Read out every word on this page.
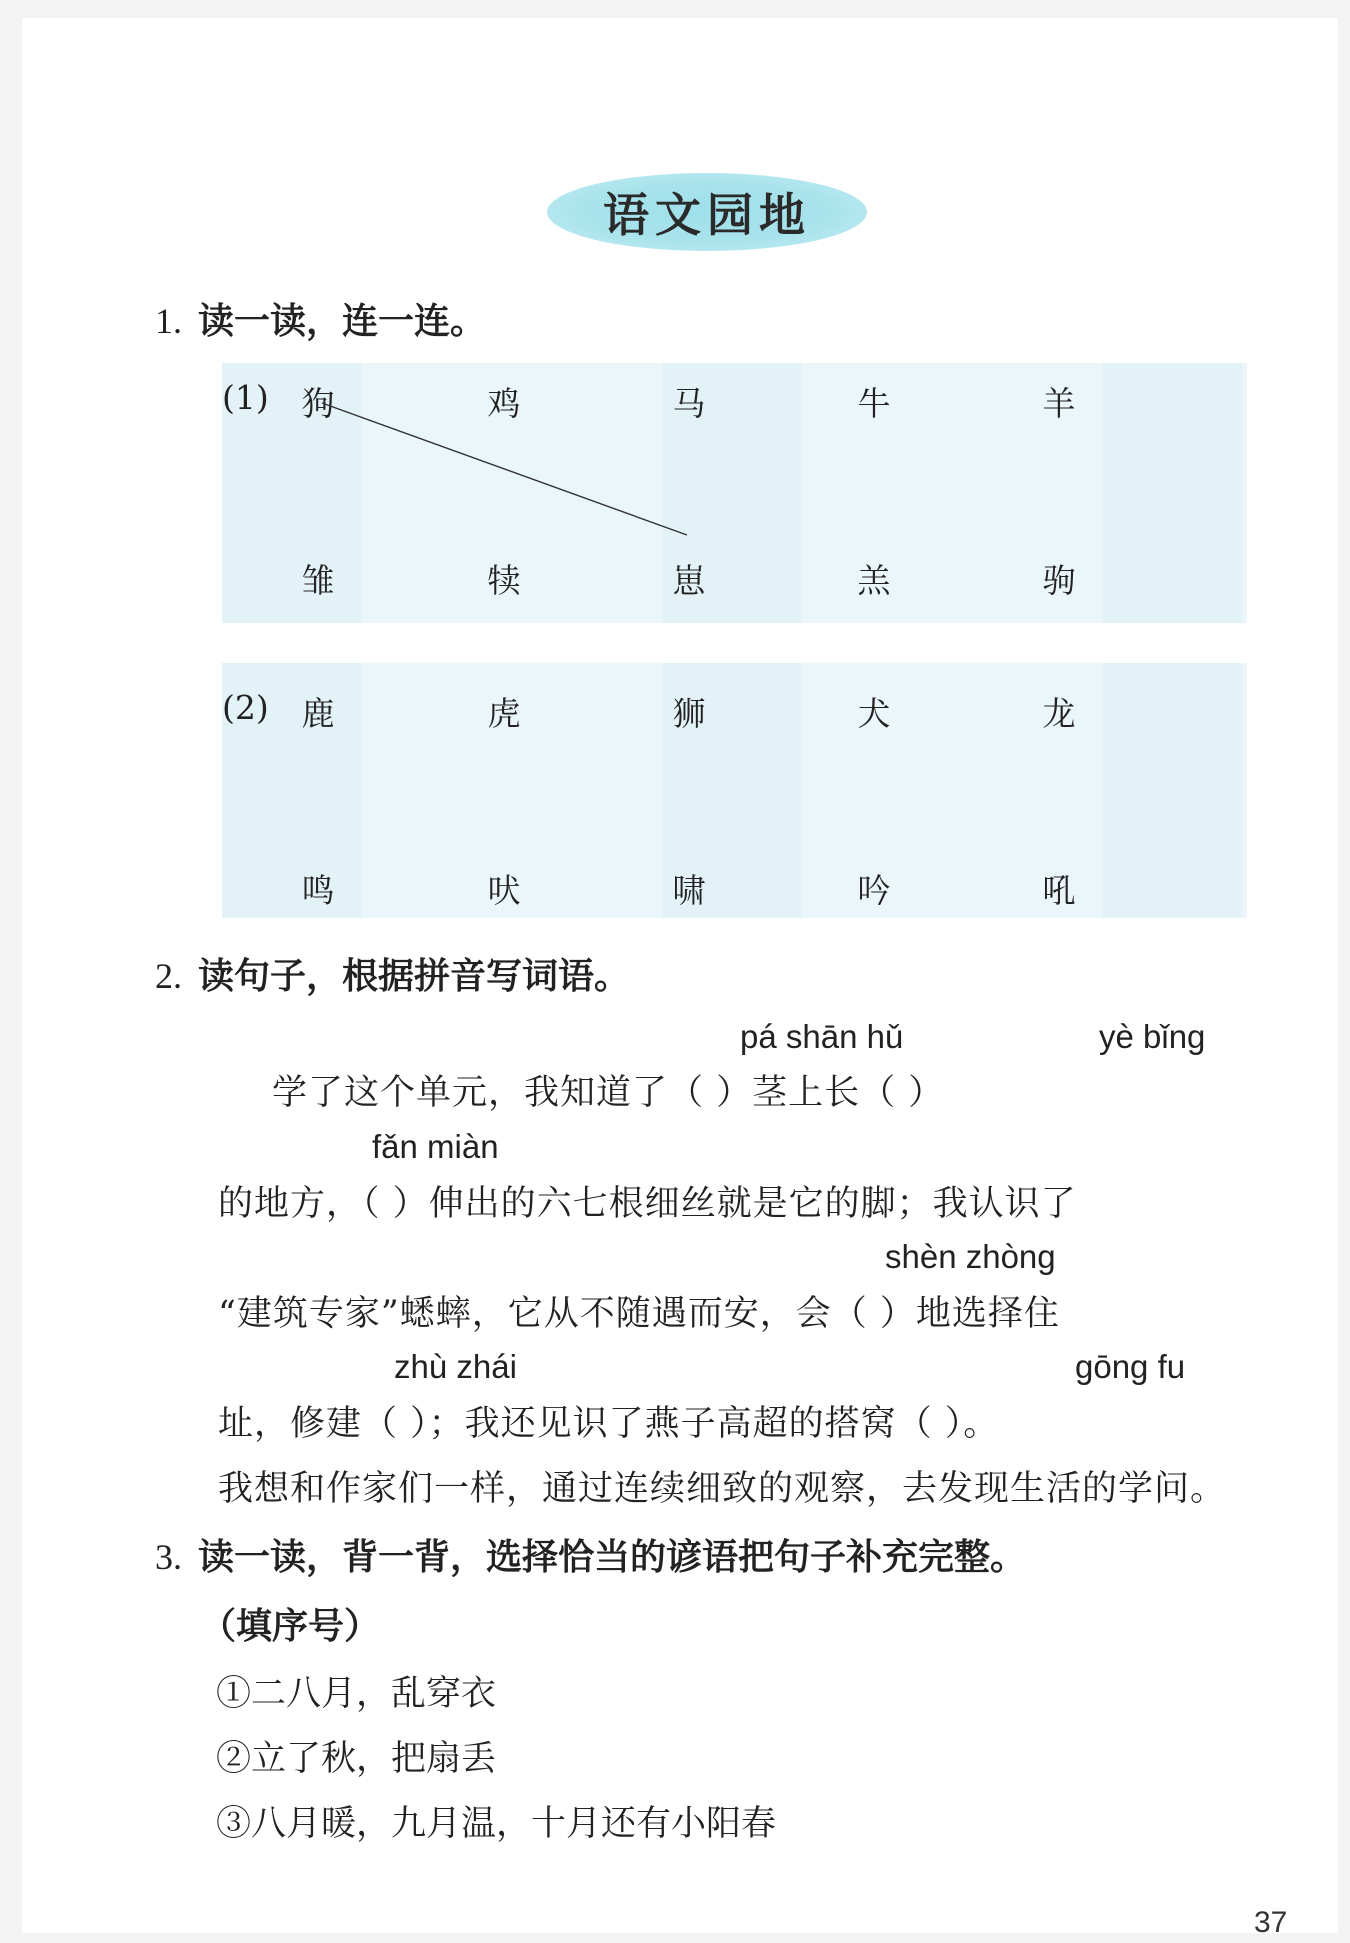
语文园地
1. 读一读，连一连。
(1) 狗	鸡	马	牛	羊
雏	犊	崽	羔	驹
(2) 鹿	虎	狮	犬	龙
鸣	吠	啸	吟	吼
2. 读句子，根据拼音写词语。
pá shān hǔ	yè bǐng
学了这个单元，我知道了（ ）茎上长（ ）
fǎn miàn
的地方，（ ）伸出的六七根细丝就是它的脚；我认识了
shèn zhòng
“建筑专家”蟋蟀，它从不随遇而安，会（ ）地选择住
zhù zhái	gōng fu
址，修建（ ）；我还见识了燕子高超的搭窝（ ）。
我想和作家们一样，通过连续细致的观察，去发现生活的学问。
3. 读一读，背一背，选择恰当的谚语把句子补充完整。
（填序号）
①二八月，乱穿衣
②立了秋，把扇丢
③八月暖，九月温，十月还有小阳春
37
